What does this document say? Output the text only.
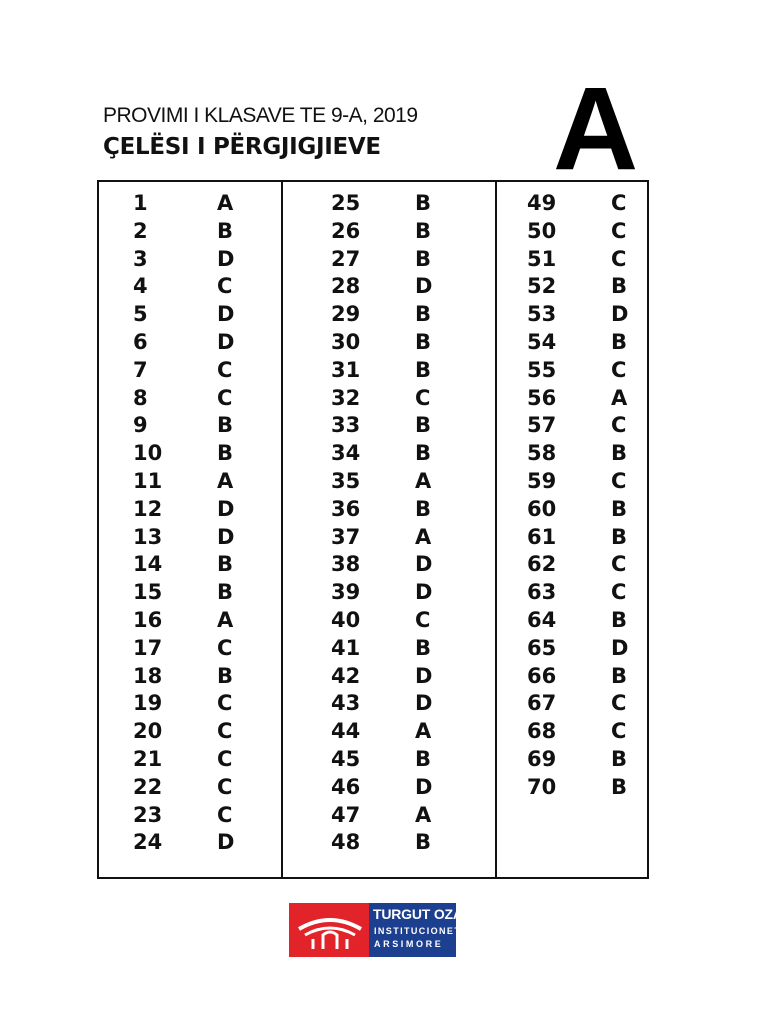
PROVIMI I KLASAVE TE 9-A, 2019
ÇELËSI I PËRGJIGJIEVE A
1	A
2	B
3	D
4	C
5	D
6	D
7	C
8	C
9	B
10	B
11	A
12	D
13	D
14	B
15	B
16	A
17	C
18	B
19	C
20	C
21	C
22	C
23	C
24	D
25	B
26	B
27	B
28	D
29	B
30	B
31	B
32	C
33	B
34	B
35	A
36	B
37	A
38	D
39	D
40	C
41	B
42	D
43	D
44	A
45	B
46	D
47	A
48	B
49	C
50	C
51	C
52	B
53	D
54	B
55	C
56	A
57	C
58	B
59	C
60	B
61	B
62	C
63	C
64	B
65	D
66	B
67	C
68	C
69	B
70	B
TURGUT OZAL
INSTITUCIONET
ARSIMORE
